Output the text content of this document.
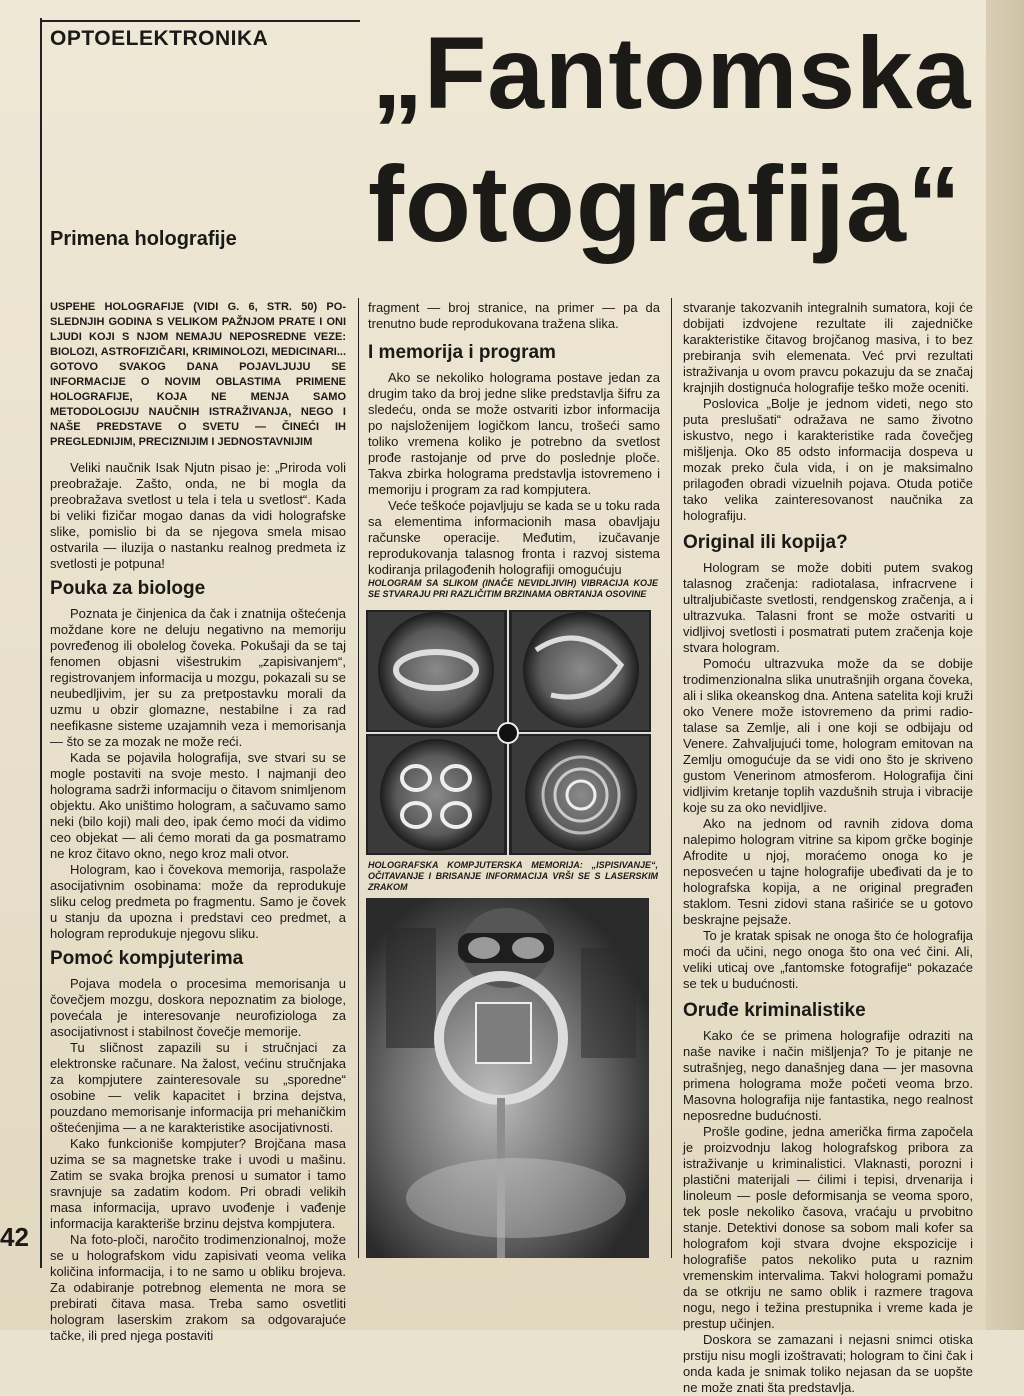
OPTOELEKTRONIKA „Fantomska
fotografija“
Primena holografije
42

USPEHE HOLOGRAFIJE (VIDI G. 6, STR. 50) PO-SLEDNJIH GODINA S VELIKOM PAŽNJOM PRATE I ONI LJUDI KOJI S NJOM NEMAJU NEPOSREDNE VEZE: BIOLOZI, ASTROFIZIČARI, KRIMINOLOZI, MEDICINARI... GOTOVO SVAKOG DANA POJAVLJUJU SE INFORMACIJE O NOVIM OBLASTIMA PRIMENE HOLOGRAFIJE, KOJA NE MENJA SAMO METODOLOGIJU NAUČNIH ISTRAŽIVANJA, NEGO I NAŠE PREDSTAVE O SVETU — ČINEĆI IH PREGLEDNIJIM, PRECIZNIJIM I JEDNOSTAVNIJIM

Veliki naučnik Isak Njutn pisao je: „Priroda voli preobražaje. Zašto, onda, ne bi mogla da preobražava svetlost u tela i tela u svetlost“. Kada bi veliki fizičar mogao danas da vidi holografske slike, pomislio bi da se njegova smela misao ostvarila — iluzija o nastanku realnog predmeta iz svetlosti je potpuna!

Pouka za biologe

Poznata je činjenica da čak i znatnija oštećenja moždane kore ne deluju negativno na memoriju povređenog ili obolelog čoveka. Pokušaji da se taj fenomen objasni višestrukim „zapisivanjem“, registrovanjem informacija u mozgu, pokazali su se neubedljivim, jer su za pretpostavku morali da uzmu u obzir glomazne, nestabilne i za rad neefikasne sisteme uzajamnih veza i memorisanja — što se za mozak ne može reći.

Kada se pojavila holografija, sve stvari su se mogle postaviti na svoje mesto. I najmanji deo holograma sadrži informaciju o čitavom snimljenom objektu. Ako uništimo hologram, a sačuvamo samo neki (bilo koji) mali deo, ipak ćemo moći da vidimo ceo objekat — ali ćemo morati da ga posmatramo ne kroz čitavo okno, nego kroz mali otvor.

Hologram, kao i čovekova memorija, raspolaže asocijativnim osobinama: može da reprodukuje sliku celog predmeta po fragmentu. Samo je čovek u stanju da upozna i predstavi ceo predmet, a hologram reprodukuje njegovu sliku.

Pomoć kompjuterima

Pojava modela o procesima memorisanja u čovečjem mozgu, doskora nepoznatim za biologe, povećala je interesovanje neurofiziologa za asocijativnost i stabilnost čovečje memorije.

Tu sličnost zapazili su i stručnjaci za elektronske računare. Na žalost, većinu stručnjaka za kompjutere zainteresovale su „sporedne“ osobine — velik kapacitet i brzina dejstva, pouzdano memorisanje informacija pri mehaničkim oštećenjima — a ne karakteristike asocijativnosti.

Kako funkcioniše kompjuter? Brojčana masa uzima se sa magnetske trake i uvodi u mašinu. Zatim se svaka brojka prenosi u sumator i tamo sravnjuje sa zadatim kodom. Pri obradi velikih masa informacija, upravo uvođenje i vađenje informacija karakteriše brzinu dejstva kompjutera.

Na foto-ploči, naročito trodimenzionalnoj, može se u holografskom vidu zapisivati veoma velika količina informacija, i to ne samo u obliku brojeva. Za odabiranje potrebnog elementa ne mora se prebirati čitava masa. Treba samo osvetliti hologram laserskim zrakom sa odgovarajuće tačke, ili pred njega postaviti

fragment — broj stranice, na primer — pa da trenutno bude reprodukovana tražena slika.

I memorija i program

Ako se nekoliko holograma postave jedan za drugim tako da broj jedne slike predstavlja šifru za sledeću, onda se može ostvariti izbor informacija po najsloženijem logičkom lancu, trošeći samo toliko vremena koliko je potrebno da svetlost prođe rastojanje od prve do poslednje ploče. Takva zbirka holograma predstavlja istovremeno i memoriju i program za rad kompjutera.

Veće teškoće pojavljuju se kada se u toku rada sa elementima informacionih masa obavljaju računske operacije. Međutim, izučavanje reprodukovanja talasnog fronta i razvoj sistema kodiranja prilagođenih holografiji omogućuju

HOLOGRAM SA SLIKOM (INAČE NEVIDLJIVIH) VIBRACIJA KOJE SE STVARAJU PRI RAZLIČITIM BRZINAMA OBRTANJA OSOVINE
HOLOGRAFSKA KOMPJUTERSKA MEMORIJA: „ISPISIVANJE“, OČITAVANJE I BRISANJE INFORMACIJA VRŠI SE S LASERSKIM ZRAKOM

stvaranje takozvanih integralnih sumatora, koji će dobijati izdvojene rezultate ili zajedničke karakteristike čitavog brojčanog masiva, i to bez prebiranja svih elemenata. Već prvi rezultati istraživanja u ovom pravcu pokazuju da se značaj krajnjih dostignuća holografije teško može oceniti.

Poslovica „Bolje je jednom videti, nego sto puta preslušati“ odražava ne samo životno iskustvo, nego i karakteristike rada čovečjeg mišljenja. Oko 85 odsto informacija dospeva u mozak preko čula vida, i on je maksimalno prilagođen obradi vizuelnih pojava. Otuda potiče tako velika zainteresovanost naučnika za holografiju.

Original ili kopija?

Hologram se može dobiti putem svakog talasnog zračenja: radiotalasa, infracrvene i ultraljubičaste svetlosti, rendgenskog zračenja, a i ultrazvuka. Talasni front se može ostvariti u vidljivoj svetlosti i posmatrati putem zračenja koje stvara hologram.

Pomoću ultrazvuka može da se dobije trodimenzionalna slika unutrašnjih organa čoveka, ali i slika okeanskog dna. Antena satelita koji kruži oko Venere može istovremeno da primi radio-talase sa Zemlje, ali i one koji se odbijaju od Venere. Zahvaljujući tome, hologram emitovan na Zemlju omogućuje da se vidi ono što je skriveno gustom Venerinom atmosferom. Holografija čini vidljivim kretanje toplih vazdušnih struja i vibracije koje su za oko nevidljive.

Ako na jednom od ravnih zidova doma nalepimo hologram vitrine sa kipom grčke boginje Afrodite u njoj, moraćemo onoga ko je neposvećen u tajne holografije ubeđivati da je to holografska kopija, a ne original pregrađen staklom. Tesni zidovi stana raširiće se u gotovo beskrajne pejsaže.

To je kratak spisak ne onoga što će holografija moći da učini, nego onoga što ona već čini. Ali, veliki uticaj ove „fantomske fotografije“ pokazaće se tek u budućnosti.

Oruđe kriminalistike

Kako će se primena holografije odraziti na naše navike i način mišljenja? To je pitanje ne sutrašnjeg, nego današnjeg dana — jer masovna primena holograma može početi veoma brzo. Masovna holografija nije fantastika, nego realnost neposredne budućnosti.

Prošle godine, jedna američka firma započela je proizvodnju lakog holografskog pribora za istraživanje u kriminalistici. Vlaknasti, porozni i plastični materijali — ćilimi i tepisi, drvenarija i linoleum — posle deformisanja se veoma sporo, tek posle nekoliko časova, vraćaju u prvobitno stanje. Detektivi donose sa sobom mali kofer sa holografom koji stvara dvojne ekspozicije i holografiše patos nekoliko puta u raznim vremenskim intervalima. Takvi hologrami pomažu da se otkriju ne samo oblik i razmere tragova nogu, nego i težina prestupnika i vreme kada je prestup učinjen.

Doskora se zamazani i nejasni snimci otiska prstiju nisu mogli izoštravati; hologram to čini čak i onda kada je snimak toliko nejasan da se uopšte ne može znati šta predstavlja.
